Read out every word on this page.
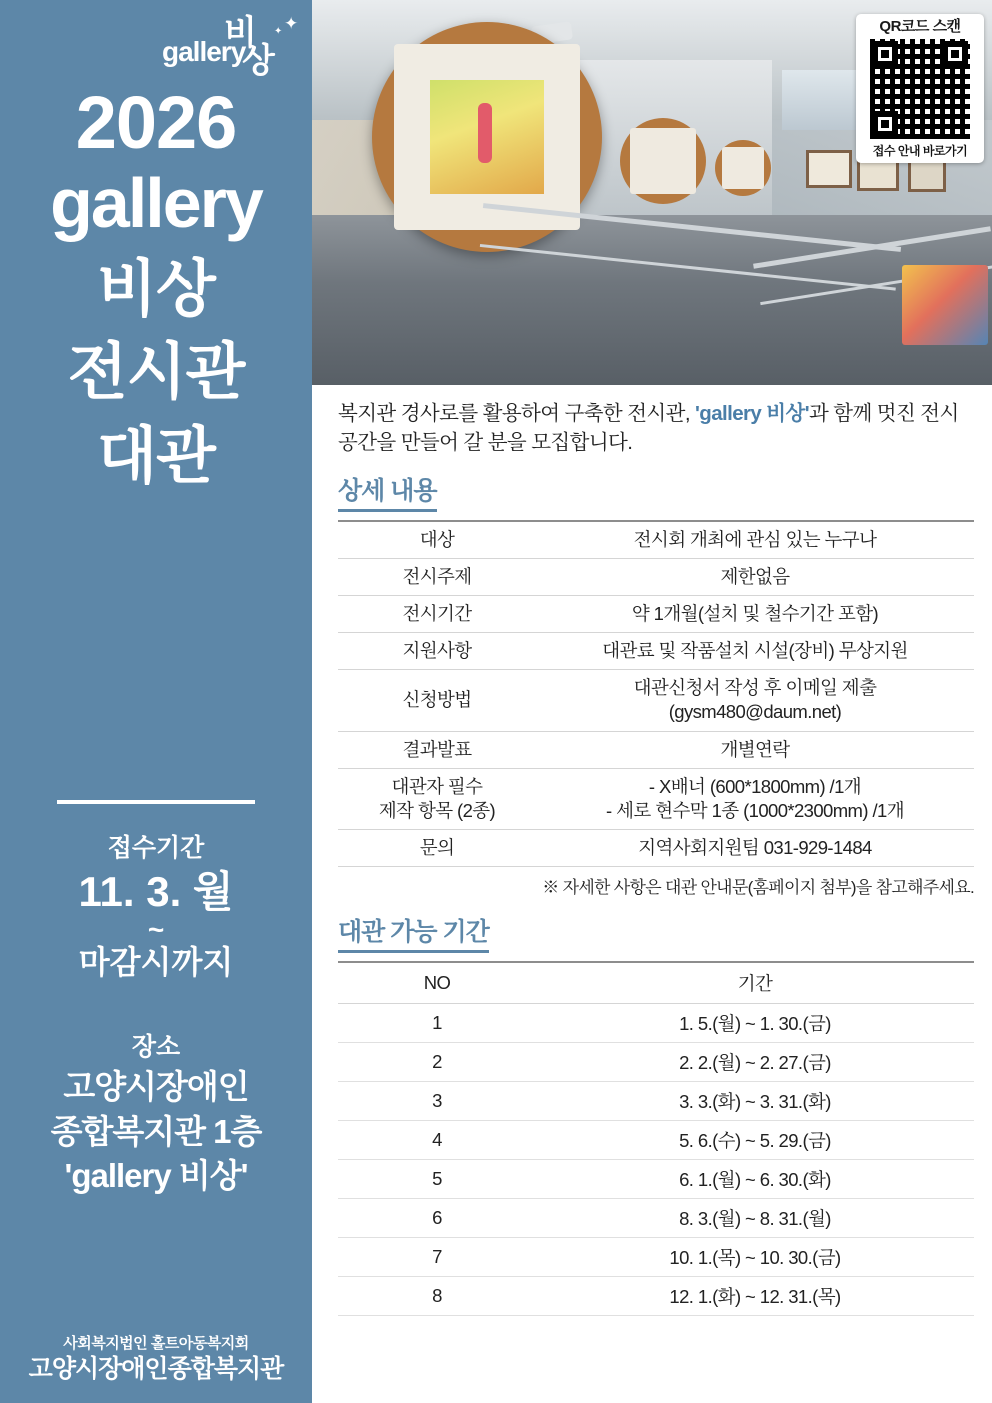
gallery
비
상
✦
✦
2026
gallery
비상
전시관
대관
접수기간
11. 3. 월
~
마감시까지
장소
고양시장애인
종합복지관 1층
'gallery 비상'
사회복지법인 홀트아동복지회
고양시장애인종합복지관
QR코드 스캔
접수 안내 바로가기
복지관 경사로를 활용하여 구축한 전시관, 'gallery 비상'과 함께 멋진 전시공간을 만들어 갈 분을 모집합니다.
상세 내용
대상	전시회 개최에 관심 있는 누구나
전시주제	제한없음
전시기간	약 1개월(설치 및 철수기간 포함)
지원사항	대관료 및 작품설치 시설(장비) 무상지원
신청방법	대관신청서 작성 후 이메일 제출
(gysm480@daum.net)
결과발표	개별연락
대관자 필수
제작 항목 (2종)	- X배너 (600*1800mm) /1개
- 세로 현수막 1종 (1000*2300mm) /1개
문의	지역사회지원팀 031-929-1484
※ 자세한 사항은 대관 안내문(홈페이지 첨부)을 참고해주세요.
대관 가능 기간
NO	기간
1	1. 5.(월) ~ 1. 30.(금)
2	2. 2.(월) ~ 2. 27.(금)
3	3. 3.(화) ~ 3. 31.(화)
4	5. 6.(수) ~ 5. 29.(금)
5	6. 1.(월) ~ 6. 30.(화)
6	8. 3.(월) ~ 8. 31.(월)
7	10. 1.(목) ~ 10. 30.(금)
8	12. 1.(화) ~ 12. 31.(목)
